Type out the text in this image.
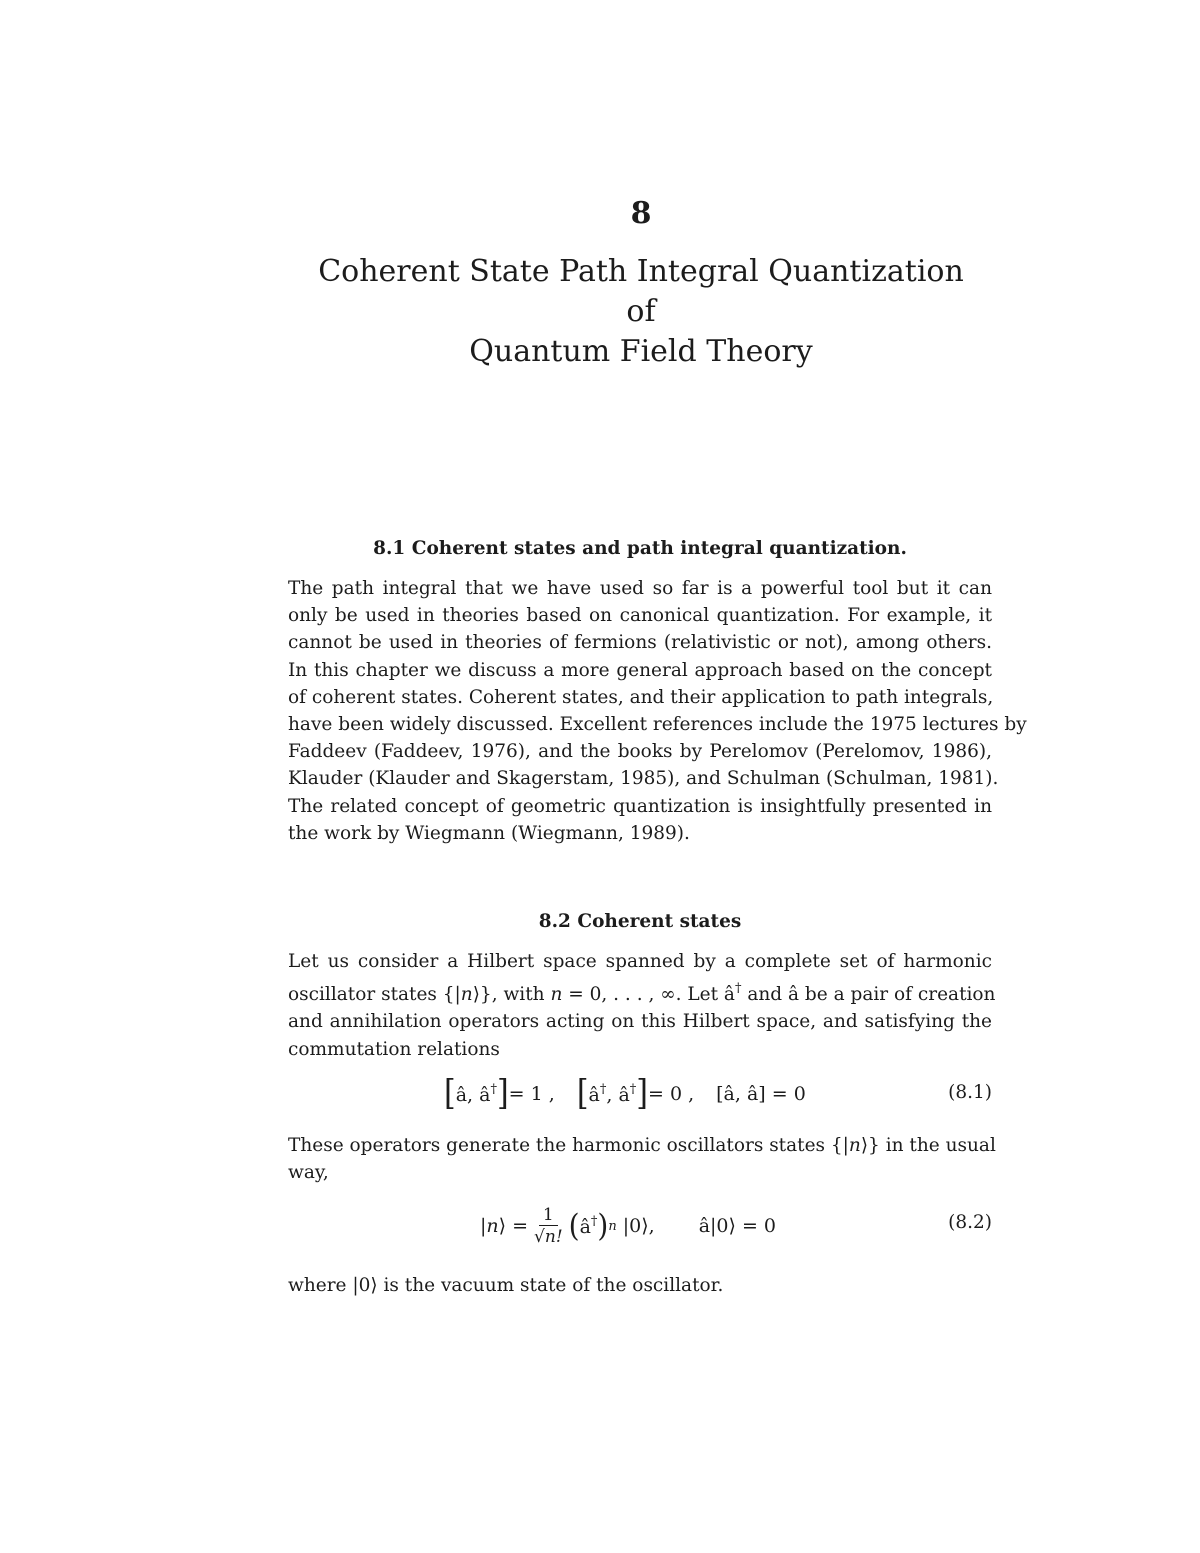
8
Coherent State Path Integral Quantization of
Quantum Field Theory
8.1 Coherent states and path integral quantization.
The path integral that we have used so far is a powerful tool but it can
only be used in theories based on canonical quantization. For example, it
cannot be used in theories of fermions (relativistic or not), among others.
In this chapter we discuss a more general approach based on the concept
of coherent states. Coherent states, and their application to path integrals,
have been widely discussed. Excellent references include the 1975 lectures by
Faddeev (Faddeev, 1976), and the books by Perelomov (Perelomov, 1986),
Klauder (Klauder and Skagerstam, 1985), and Schulman (Schulman, 1981).
The related concept of geometric quantization is insightfully presented in
the work by Wiegmann (Wiegmann, 1989).
8.2 Coherent states
Let us consider a Hilbert space spanned by a complete set of harmonic
oscillator states {|n⟩}, with n = 0, . . . , ∞. Let â† and â be a pair of creation
and annihilation operators acting on this Hilbert space, and satisfying the
commutation relations
[ â, â† ] = 1 , [ â†, â† ] = 0 , [â, â] = 0	(8.1)
These operators generate the harmonic oscillators states {|n⟩} in the usual
way,
|n⟩ = $\frac{1}{√n!}$ ( â† ) n |0⟩, â|0⟩ = 0	(8.2)
where |0⟩ is the vacuum state of the oscillator.
